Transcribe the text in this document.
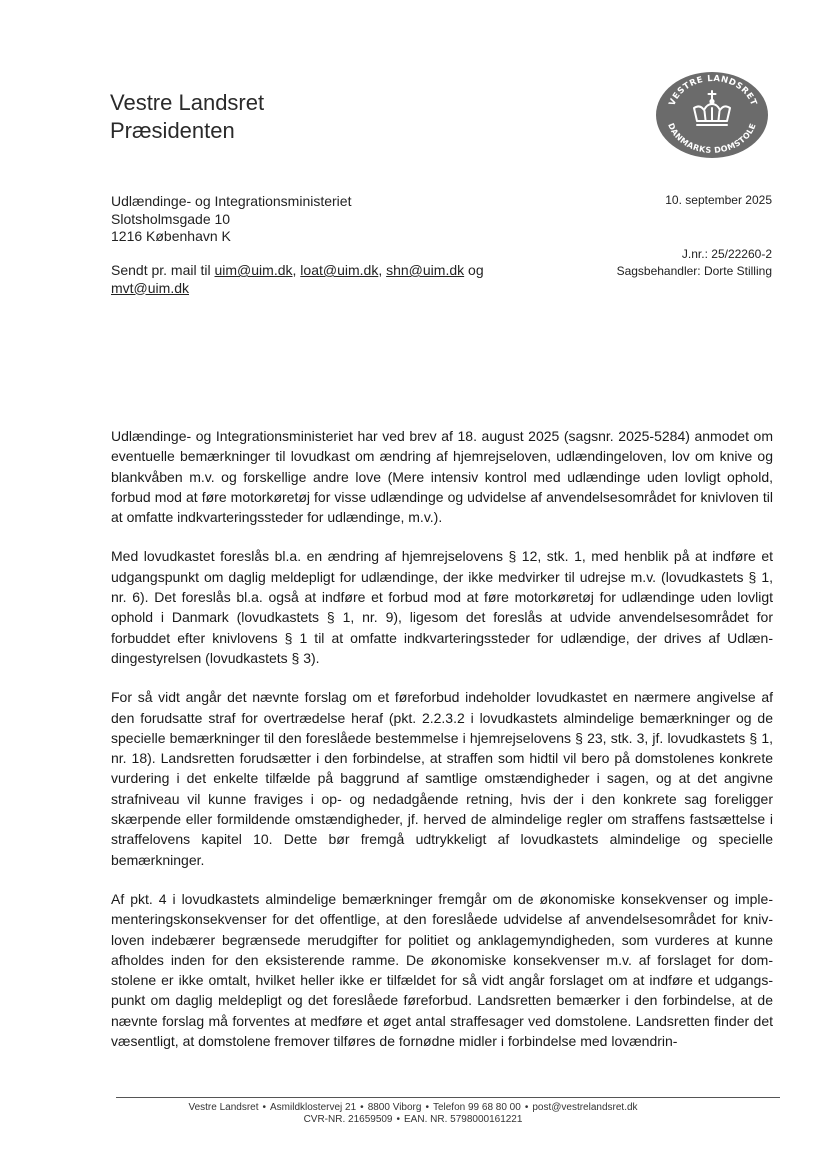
Vestre Landsret
Præsidenten
VESTRE LANDSRET
DANMARKS DOMSTOLE
Udlændinge- og Integrationsministeriet
Slotsholmsgade 10
1216 København K
Sendt pr. mail til uim@uim.dk, loat@uim.dk, shn@uim.dk og
mvt@uim.dk
10. september 2025
J.nr.: 25/22260-2
Sagsbehandler: Dorte Stilling

Udlændinge- og Integrationsministeriet har ved brev af 18. august 2025 (sagsnr. 2025-5284) anmodet om eventuelle bemærkninger til lovudkast om ændring af hjemrejseloven, udlændingeloven, lov om knive og blankvåben m.v. og forskellige andre love (Mere intensiv kontrol med udlændinge uden lovligt ophold, forbud mod at føre motorkøretøj for visse udlændinge og udvidelse af anvendelsesområdet for knivloven til at omfatte indkvarteringssteder for udlændinge, m.v.).

Med lovudkastet foreslås bl.a. en ændring af hjemrejselovens § 12, stk. 1, med henblik på at indføre et udgangspunkt om daglig meldepligt for udlændinge, der ikke medvirker til udrejse m.v. (lovudkastets § 1, nr. 6). Det foreslås bl.a. også at indføre et forbud mod at føre motorkøretøj for udlændinge uden lovligt ophold i Danmark (lovudkastets § 1, nr. 9), ligesom det foreslås at udvide anvendelsesområdet for forbuddet efter knivlovens § 1 til at omfatte indkvarteringssteder for udlændige, der drives af Udlændingestyrelsen (lovudkastets § 3).

For så vidt angår det nævnte forslag om et føreforbud indeholder lovudkastet en nærmere angivelse af den forudsatte straf for overtrædelse heraf (pkt. 2.2.3.2 i lovudkastets almindelige bemærkninger og de specielle bemærkninger til den foreslåede bestemmelse i hjemrejselovens § 23, stk. 3, jf. lovudkastets § 1, nr. 18). Landsretten forudsætter i den forbindelse, at straffen som hidtil vil bero på domstolenes konkrete vurdering i det enkelte tilfælde på baggrund af samtlige omstændigheder i sagen, og at det angivne strafniveau vil kunne fraviges i op- og nedadgående retning, hvis der i den konkrete sag foreligger skærpende eller formildende omstændigheder, jf. herved de almindelige regler om straffens fastsættelse i straffelovens kapitel 10. Dette bør fremgå udtrykkeligt af lovudkastets almindelige og specielle bemærkninger.

Af pkt. 4 i lovudkastets almindelige bemærkninger fremgår om de økonomiske konsekvenser og implementeringskonsekvenser for det offentlige, at den foreslåede udvidelse af anvendelsesområdet for knivloven indebærer begrænsede merudgifter for politiet og anklagemyndigheden, som vurderes at kunne afholdes inden for den eksisterende ramme. De økonomiske konsekvenser m.v. af forslaget for domstolene er ikke omtalt, hvilket heller ikke er tilfældet for så vidt angår forslaget om at indføre et udgangspunkt om daglig meldepligt og det foreslåede føreforbud. Landsretten bemærker i den forbindelse, at de nævnte forslag må forventes at medføre et øget antal straffesager ved domstolene. Landsretten finder det væsentligt, at domstolene fremover tilføres de fornødne midler i forbindelse med lovændrin-

Vestre Landsret • Asmildklostervej 21 • 8800 Viborg • Telefon 99 68 80 00 • post@vestrelandsret.dk
CVR-NR. 21659509 • EAN. NR. 5798000161221
